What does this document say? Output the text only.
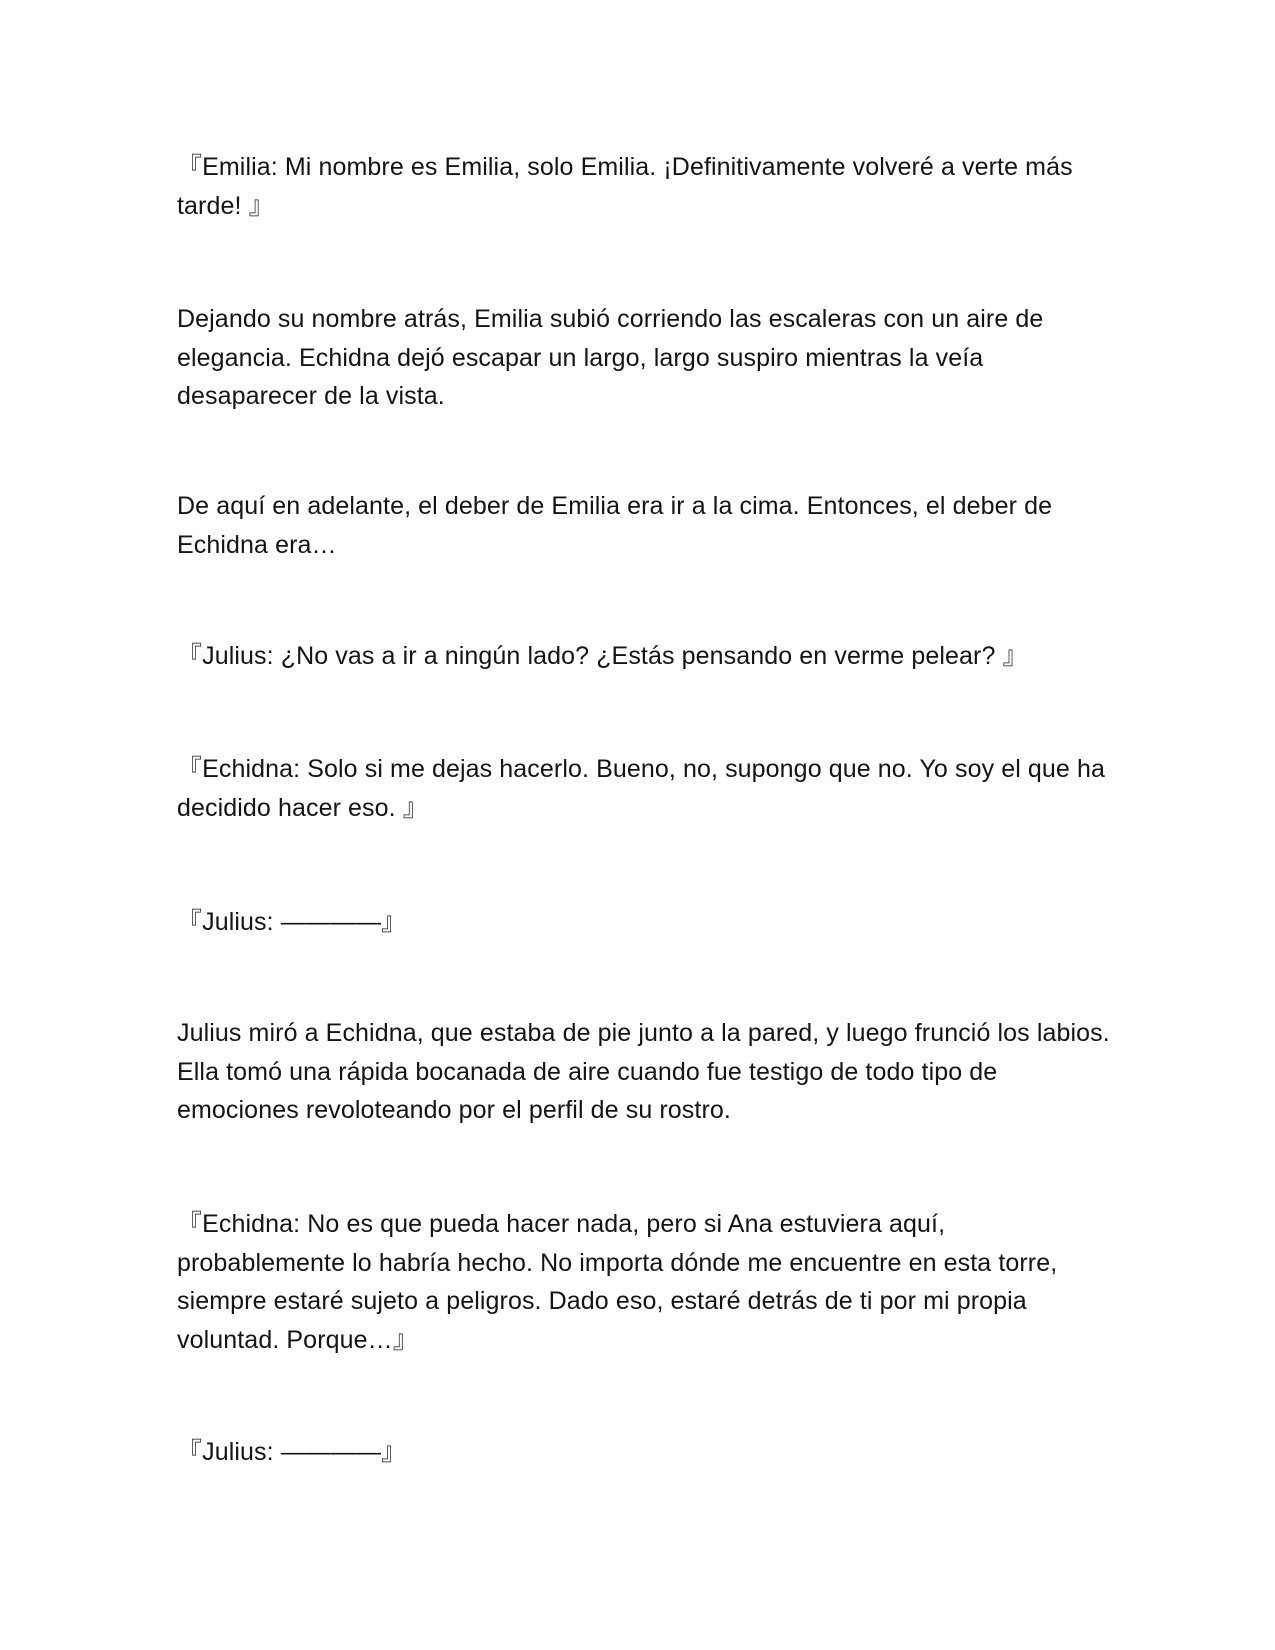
『Emilia: Mi nombre es Emilia, solo Emilia. ¡Definitivamente volveré a verte más tarde! 』

Dejando su nombre atrás, Emilia subió corriendo las escaleras con un aire de elegancia. Echidna dejó escapar un largo, largo suspiro mientras la veía desaparecer de la vista.

De aquí en adelante, el deber de Emilia era ir a la cima. Entonces, el deber de Echidna era…

『Julius: ¿No vas a ir a ningún lado? ¿Estás pensando en verme pelear? 』

『Echidna: Solo si me dejas hacerlo. Bueno, no, supongo que no. Yo soy el que ha decidido hacer eso. 』

『Julius: ————』

Julius miró a Echidna, que estaba de pie junto a la pared, y luego frunció los labios. Ella tomó una rápida bocanada de aire cuando fue testigo de todo tipo de emociones revoloteando por el perfil de su rostro.

『Echidna: No es que pueda hacer nada, pero si Ana estuviera aquí, probablemente lo habría hecho. No importa dónde me encuentre en esta torre, siempre estaré sujeto a peligros. Dado eso, estaré detrás de ti por mi propia voluntad. Porque…』

『Julius: ————』
